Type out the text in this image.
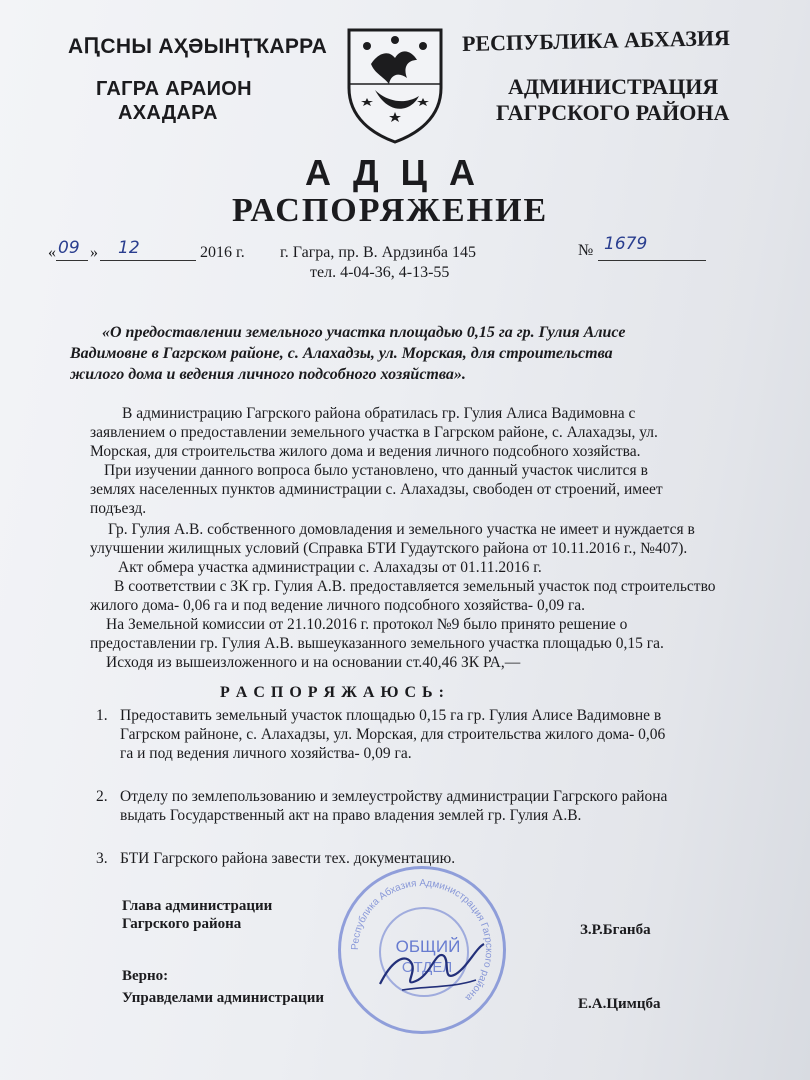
АԤСНЫ АҲӘЫНҬҠАРРА

ГАГРА АРАИОН

АХАДАРА

РЕСПУБЛИКА АБХАЗИЯ

АДМИНИСТРАЦИЯ

ГАГРСКОГО РАЙОНА

А Д Ц А

РАСПОРЯЖЕНИЕ

« 09 » 12	2016 г. г. Гагра, пр. В. Ардзинба 145
тел. 4-04-36, 4-13-55
№ 1679
«О предоставлении земельного участка площадью 0,15 га гр. Гулия Алисе
Вадимовне в Гагрском районе, с. Алахадзы, ул. Морская, для строительства
жилого дома и ведения личного подсобного хозяйства».
В администрацию Гагрского района обратилась гр. Гулия Алиса Вадимовна с
заявлением о предоставлении земельного участка в Гагрском районе, с. Алахадзы, ул.
Морская, для строительства жилого дома и ведения личного подсобного хозяйства.
При изучении данного вопроса было установлено, что данный участок числится в
землях населенных пунктов администрации с. Алахадзы, свободен от строений, имеет
подъезд.
Гр. Гулия А.В. собственного домовладения и земельного участка не имеет и нуждается в
улучшении жилищных условий (Справка БТИ Гудаутского района от 10.11.2016 г., №407).
Акт обмера участка администрации с. Алахадзы от 01.11.2016 г.
В соответствии с ЗК гр. Гулия А.В. предоставляется земельный участок под строительство
жилого дома- 0,06 га и под ведение личного подсобного хозяйства- 0,09 га.
На Земельной комиссии от 21.10.2016 г. протокол №9 было принято решение о
предоставлении гр. Гулия А.В. вышеуказанного земельного участка площадью 0,15 га.
Исходя из вышеизложенного и на основании ст.40,46 ЗК РА,—

Р А С П О Р Я Ж А Ю С Ь :

1. Предоставить земельный участок площадью 0,15 га гр. Гулия Алисе Вадимовне в
Гагрском райноне, с. Алахадзы, ул. Морская, для строительства жилого дома- 0,06
га и под ведения личного хозяйства- 0,09 га.
2. Отделу по землепользованию и землеустройству администрации Гагрского района
выдать Государственный акт на право владения землей гр. Гулия А.В.
3. БТИ Гагрского района завести тех. документацию.
Республика Абхазия Администрация Гагрского района
ОБЩИЙ
ОТДЕЛ

Глава администрации

Гагрского района	З.Р.Бганба

Верно:

Управделами администрации	Е.А.Цимцба
